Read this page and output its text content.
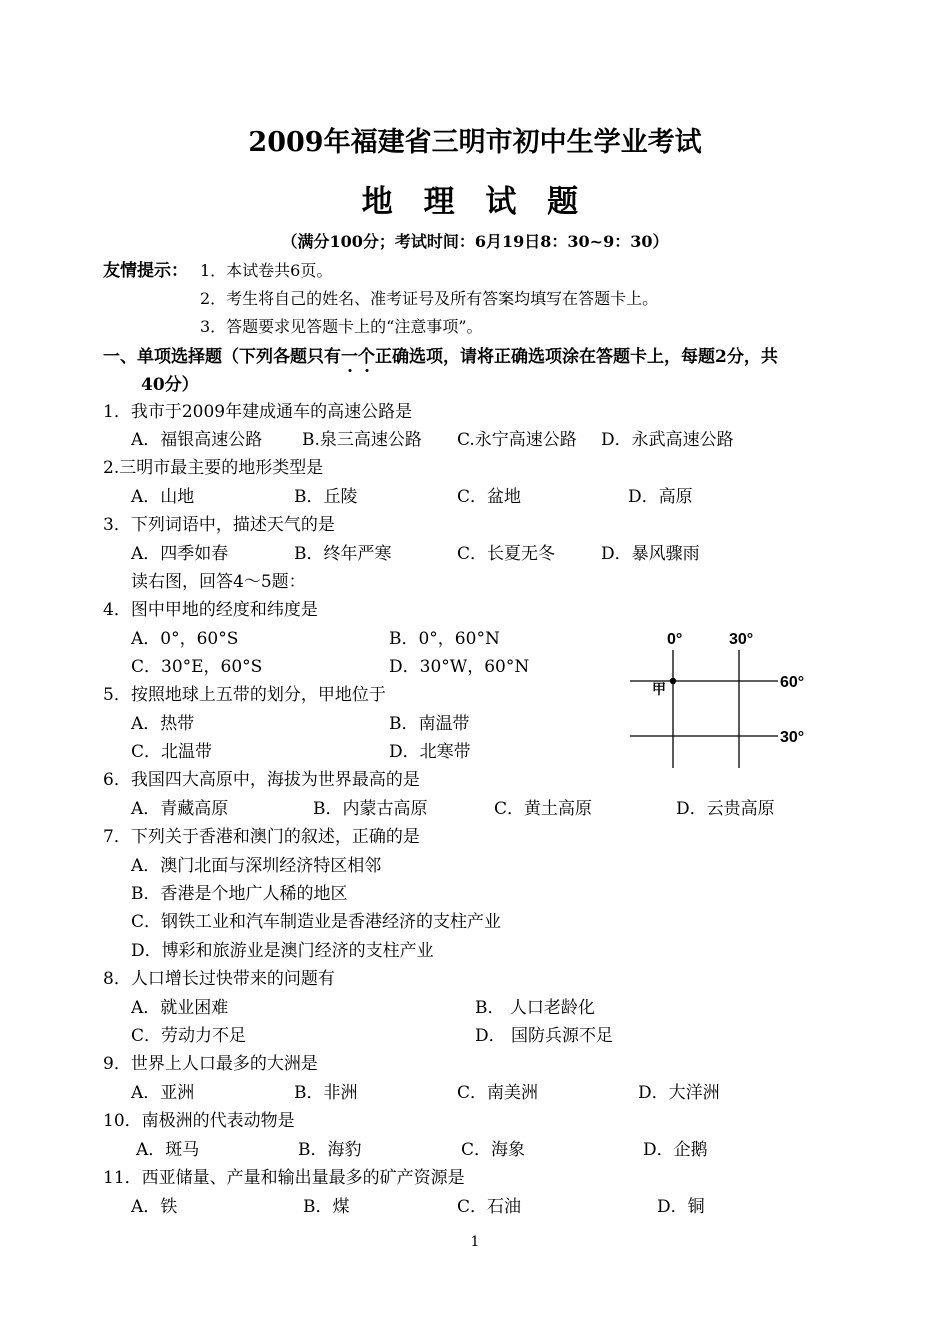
2009年福建省三明市初中生学业考试
地 理 试 题
（满分100分；考试时间：6月19日8：30~9：30）
友情提示： 1．本试卷共6页。
2．考生将自己的姓名、准考证号及所有答案均填写在答题卡上。
3．答题要求见答题卡上的“注意事项”。
一、单项选择题（下列各题只有一个
正确选项，请将正确选项涂在答题卡上，每题2分，共
40分）
1．我市于2009年建成通车的高速公路是
A．福银高速公路 B.泉三高速公路 C.永宁高速公路 D．永武高速公路
2.三明市最主要的地形类型是
A．山地	B．丘陵	C．盆地	D．高原
3．下列词语中，描述天气的是
A．四季如春	B．终年严寒	C．长夏无冬	D．暴风骤雨
读右图，回答4～5题：
4．图中甲地的经度和纬度是
A．0°，60°S	B．0°，60°N
C．30°E，60°S	D．30°W，60°N
5．按照地球上五带的划分，甲地位于
A．热带	B．南温带
C．北温带	D．北寒带
6．我国四大高原中，海拔为世界最高的是
A．青藏高原	B．内蒙古高原	C．黄土高原	D．云贵高原
7．下列关于香港和澳门的叙述，正确的是
A．澳门北面与深圳经济特区相邻
B．香港是个地广人稀的地区
C．钢铁工业和汽车制造业是香港经济的支柱产业
D．博彩和旅游业是澳门经济的支柱产业
8．人口增长过快带来的问题有
A．就业困难	B． 人口老龄化
C．劳动力不足	D． 国防兵源不足
9．世界上人口最多的大洲是
A．亚洲	B．非洲	C．南美洲	D．大洋洲
10．南极洲的代表动物是
A．斑马	B．海豹	C．海象	D．企鹅
11．西亚储量、产量和输出量最多的矿产资源是
A．铁	B．煤	C．石油	D．铜
0°	30°
60°
30°
甲
1
